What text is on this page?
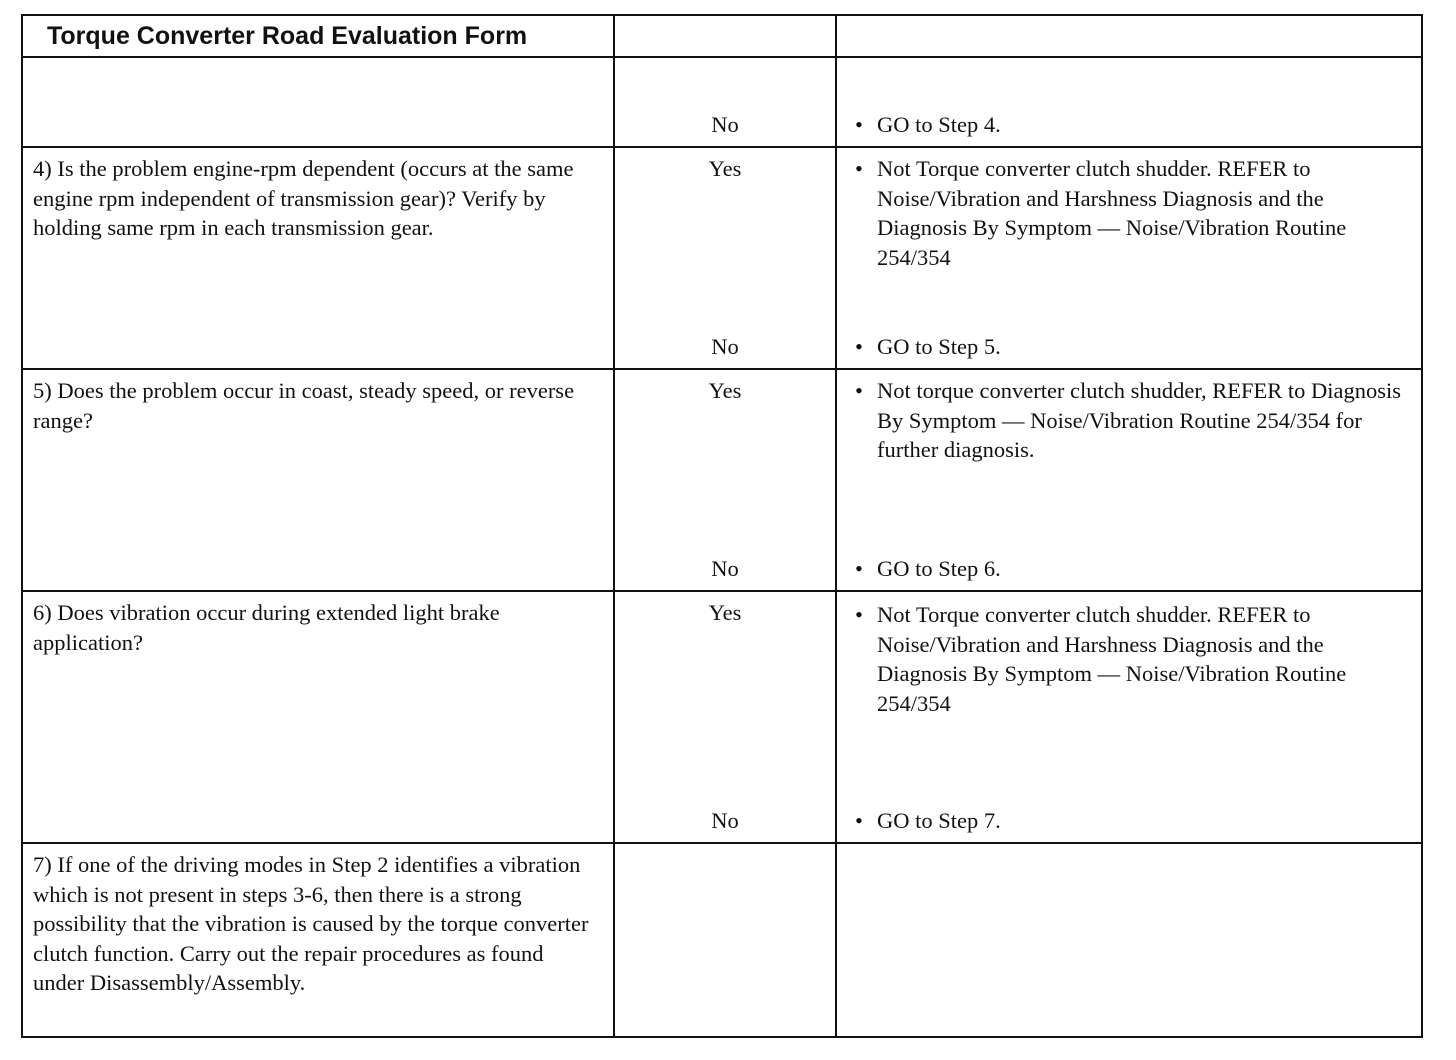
Torque Converter Road Evaluation Form
No	• GO to Step 4.
4) Is the problem engine-rpm dependent (occurs at the same engine rpm independent of transmission gear)? Verify by holding same rpm in each transmission gear.
Yes
No
• Not Torque converter clutch shudder. REFER to Noise/Vibration and Harshness Diagnosis and the Diagnosis By Symptom — Noise/Vibration Routine 254/354
• GO to Step 5.
5) Does the problem occur in coast, steady speed, or reverse range?
Yes
No
• Not torque converter clutch shudder, REFER to Diagnosis By Symptom — Noise/Vibration Routine 254/354 for further diagnosis.
• GO to Step 6.
6) Does vibration occur during extended light brake application?
Yes
No
• Not Torque converter clutch shudder. REFER to Noise/Vibration and Harshness Diagnosis and the Diagnosis By Symptom — Noise/Vibration Routine 254/354
• GO to Step 7.
7) If one of the driving modes in Step 2 identifies a vibration which is not present in steps 3-6, then there is a strong possibility that the vibration is caused by the torque converter clutch function. Carry out the repair procedures as found under Disassembly/Assembly.
